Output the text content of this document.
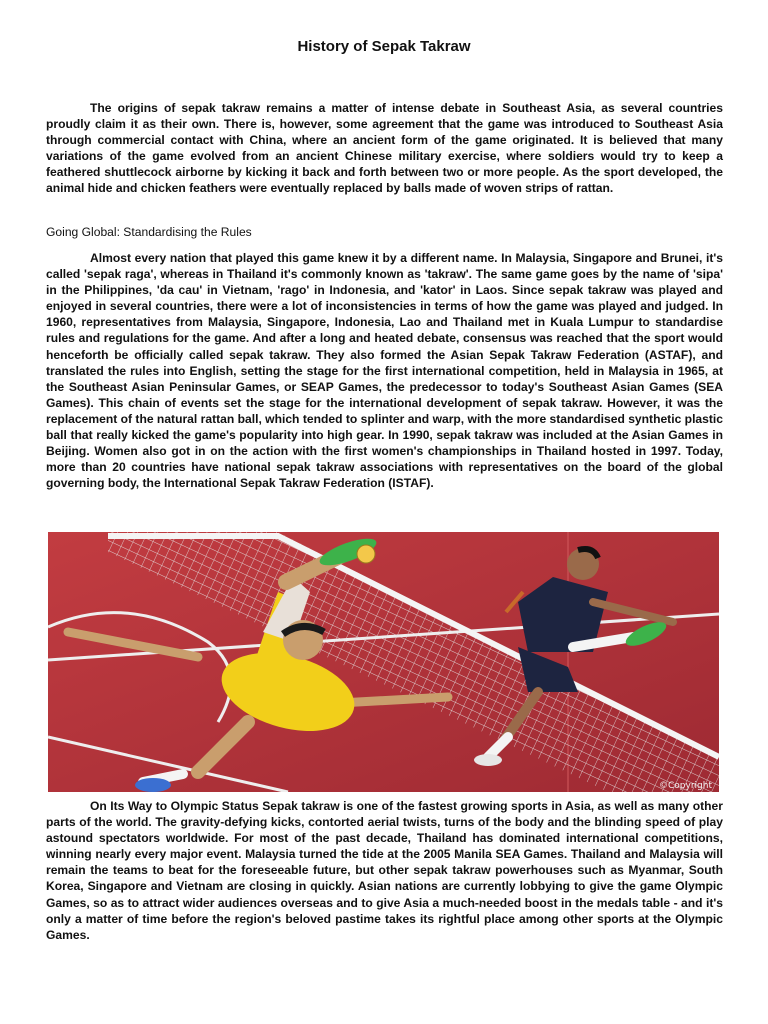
History of Sepak Takraw

The origins of sepak takraw remains a matter of intense debate in Southeast Asia, as several countries proudly claim it as their own. There is, however, some agreement that the game was introduced to Southeast Asia through commercial contact with China, where an ancient form of the game originated. It is believed that many variations of the game evolved from an ancient Chinese military exercise, where soldiers would try to keep a feathered shuttlecock airborne by kicking it back and forth between two or more people. As the sport developed, the animal hide and chicken feathers were eventually replaced by balls made of woven strips of rattan.

Going Global: Standardising the Rules

Almost every nation that played this game knew it by a different name. In Malaysia, Singapore and Brunei, it's called 'sepak raga', whereas in Thailand it's commonly known as 'takraw'. The same game goes by the name of 'sipa' in the Philippines, 'da cau' in Vietnam, 'rago' in Indonesia, and 'kator' in Laos. Since sepak takraw was played and enjoyed in several countries, there were a lot of inconsistencies in terms of how the game was played and judged. In 1960, representatives from Malaysia, Singapore, Indonesia, Lao and Thailand met in Kuala Lumpur to standardise rules and regulations for the game. And after a long and heated debate, consensus was reached that the sport would henceforth be officially called sepak takraw. They also formed the Asian Sepak Takraw Federation (ASTAF), and translated the rules into English, setting the stage for the first international competition, held in Malaysia in 1965, at the Southeast Asian Peninsular Games, or SEAP Games, the predecessor to today's Southeast Asian Games (SEA Games). This chain of events set the stage for the international development of sepak takraw. However, it was the replacement of the natural rattan ball, which tended to splinter and warp, with the more standardised synthetic plastic ball that really kicked the game's popularity into high gear. In 1990, sepak takraw was included at the Asian Games in Beijing. Women also got in on the action with the first women's championships in Thailand hosted in 1997. Today, more than 20 countries have national sepak takraw associations with representatives on the board of the global governing body, the International Sepak Takraw Federation (ISTAF).

©Copyright

On Its Way to Olympic Status Sepak takraw is one of the fastest growing sports in Asia, as well as many other parts of the world. The gravity-defying kicks, contorted aerial twists, turns of the body and the blinding speed of play astound spectators worldwide. For most of the past decade, Thailand has dominated international competitions, winning nearly every major event. Malaysia turned the tide at the 2005 Manila SEA Games. Thailand and Malaysia will remain the teams to beat for the foreseeable future, but other sepak takraw powerhouses such as Myanmar, South Korea, Singapore and Vietnam are closing in quickly. Asian nations are currently lobbying to give the game Olympic Games, so as to attract wider audiences overseas and to give Asia a much-needed boost in the medals table - and it's only a matter of time before the region's beloved pastime takes its rightful place among other sports at the Olympic Games.
